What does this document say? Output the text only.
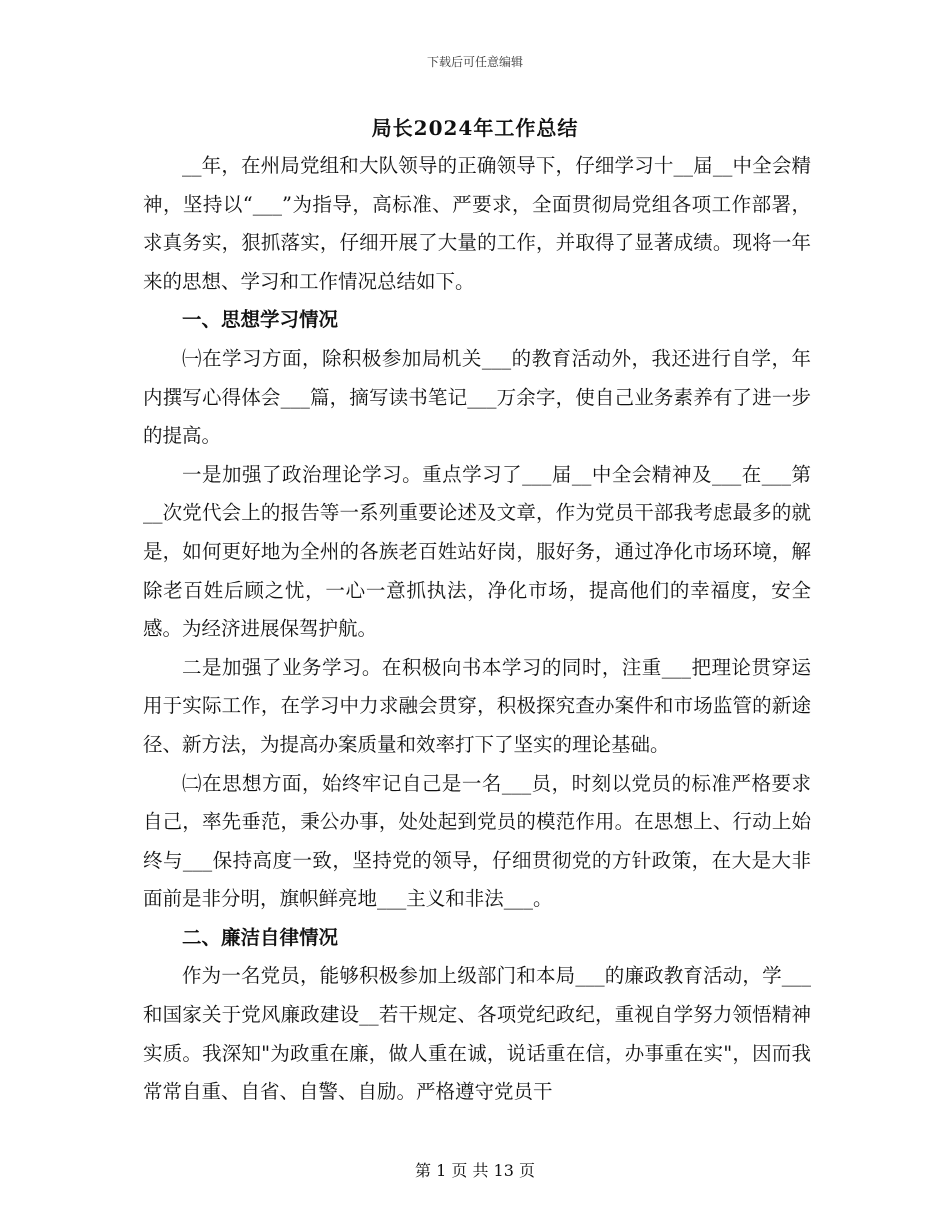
下载后可任意编辑
局长2024年工作总结

__年，在州局党组和大队领导的正确领导下，仔细学习十__届__中全会精神，坚持以“___”为指导，高标准、严要求，全面贯彻局党组各项工作部署，求真务实，狠抓落实，仔细开展了大量的工作，并取得了显著成绩。现将一年来的思想、学习和工作情况总结如下。

一、思想学习情况

㈠在学习方面，除积极参加局机关___的教育活动外，我还进行自学，年内撰写心得体会___篇，摘写读书笔记___万余字，使自己业务素养有了进一步的提高。

一是加强了政治理论学习。重点学习了___届__中全会精神及___在___第__次党代会上的报告等一系列重要论述及文章，作为党员干部我考虑最多的就是，如何更好地为全州的各族老百姓站好岗，服好务，通过净化市场环境，解除老百姓后顾之忧，一心一意抓执法，净化市场，提高他们的幸福度，安全感。为经济进展保驾护航。

二是加强了业务学习。在积极向书本学习的同时，注重___把理论贯穿运用于实际工作，在学习中力求融会贯穿，积极探究查办案件和市场监管的新途径、新方法，为提高办案质量和效率打下了坚实的理论基础。

㈡在思想方面，始终牢记自己是一名___员，时刻以党员的标准严格要求自己，率先垂范，秉公办事，处处起到党员的模范作用。在思想上、行动上始终与___保持高度一致，坚持党的领导，仔细贯彻党的方针政策，在大是大非面前是非分明，旗帜鲜亮地___主义和非法___。

二、廉洁自律情况

作为一名党员，能够积极参加上级部门和本局___的廉政教育活动，学___和国家关于党风廉政建设__若干规定、各项党纪政纪，重视自学努力领悟精神实质。我深知"为政重在廉，做人重在诚，说话重在信，办事重在实"，因而我常常自重、自省、自警、自励。严格遵守党员干

第 1 页 共 13 页
